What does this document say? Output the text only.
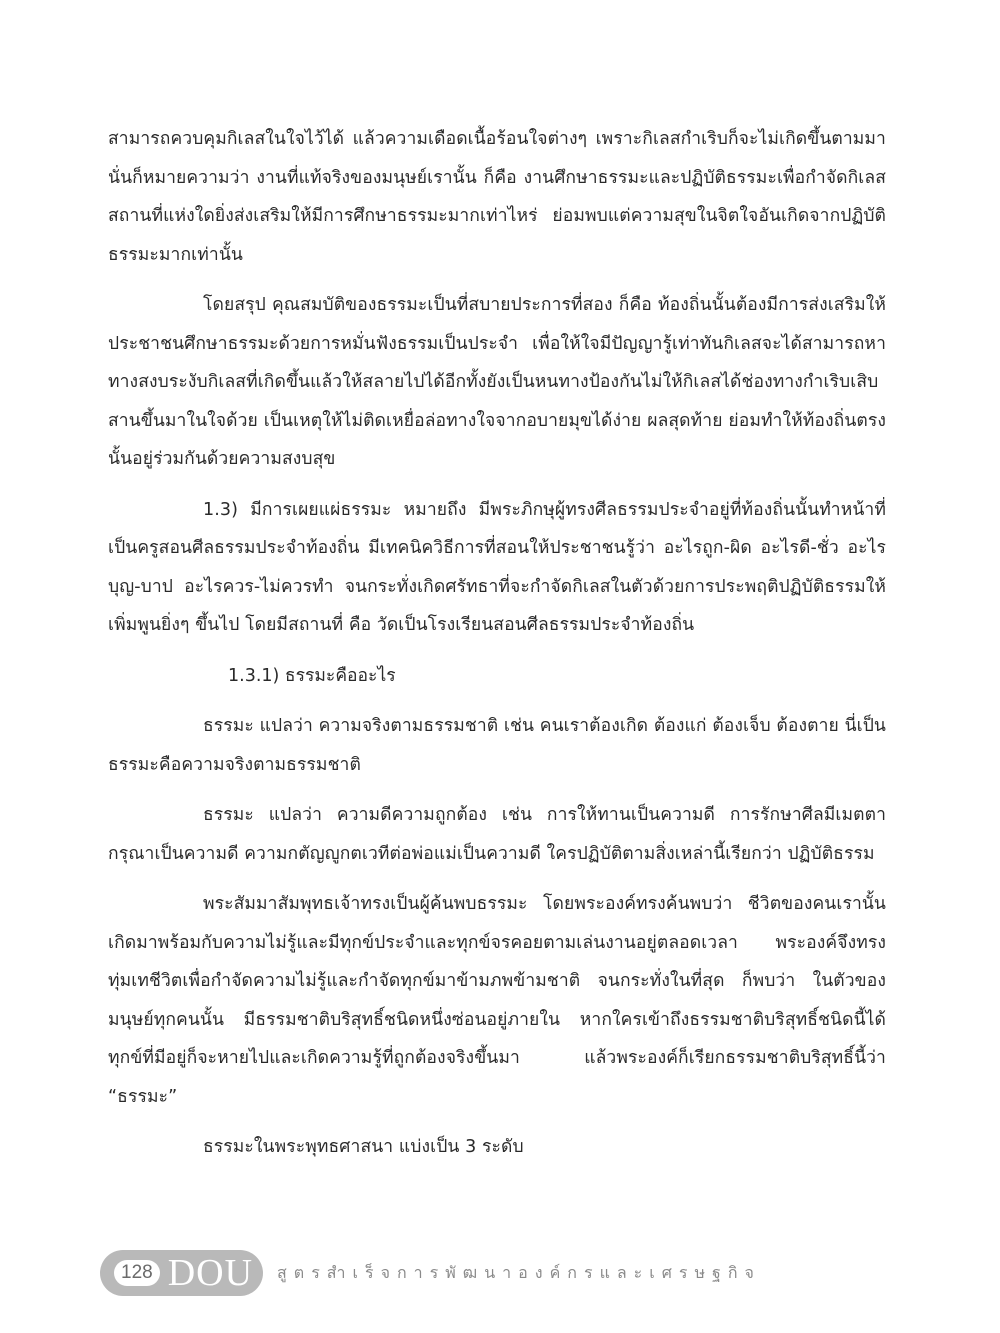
สามารถควบคุมกิเลสในใจไว้ได้ แล้วความเดือดเนื้อร้อนใจต่างๆ เพราะกิเลสกำเริบก็จะไม่เกิดขึ้นตามมา นั่นก็หมายความว่า งานที่แท้จริงของมนุษย์เรานั้น ก็คือ งานศึกษาธรรมะและปฏิบัติธรรมะเพื่อกำจัดกิเลส สถานที่แห่งใดยิ่งส่งเสริมให้มีการศึกษาธรรมะมากเท่าไหร่ ย่อมพบแต่ความสุขในจิตใจอันเกิดจากปฏิบัติธรรมะมากเท่านั้น

โดยสรุป คุณสมบัติของธรรมะเป็นที่สบายประการที่สอง ก็คือ ท้องถิ่นนั้นต้องมีการส่งเสริมให้ประชาชนศึกษาธรรมะด้วยการหมั่นฟังธรรมเป็นประจำ เพื่อให้ใจมีปัญญารู้เท่าทันกิเลสจะได้สามารถหาทางสงบระงับกิเลสที่เกิดขึ้นแล้วให้สลายไปได้อีกทั้งยังเป็นหนทางป้องกันไม่ให้กิเลสได้ช่องทางกำเริบเสิบสานขึ้นมาในใจด้วย เป็นเหตุให้ไม่ติดเหยื่อล่อทางใจจากอบายมุขได้ง่าย ผลสุดท้าย ย่อมทำให้ท้องถิ่นตรงนั้นอยู่ร่วมกันด้วยความสงบสุข

1.3) มีการเผยแผ่ธรรมะ หมายถึง มีพระภิกษุผู้ทรงศีลธรรมประจำอยู่ที่ท้องถิ่นนั้นทำหน้าที่เป็นครูสอนศีลธรรมประจำท้องถิ่น มีเทคนิควิธีการที่สอนให้ประชาชนรู้ว่า อะไรถูก-ผิด อะไรดี-ชั่ว อะไรบุญ-บาป อะไรควร-ไม่ควรทำ จนกระทั่งเกิดศรัทธาที่จะกำจัดกิเลสในตัวด้วยการประพฤติปฏิบัติธรรมให้เพิ่มพูนยิ่งๆ ขึ้นไป โดยมีสถานที่ คือ วัดเป็นโรงเรียนสอนศีลธรรมประจำท้องถิ่น

1.3.1) ธรรมะคืออะไร

ธรรมะ แปลว่า ความจริงตามธรรมชาติ เช่น คนเราต้องเกิด ต้องแก่ ต้องเจ็บ ต้องตาย นี่เป็นธรรมะคือความจริงตามธรรมชาติ

ธรรมะ แปลว่า ความดีความถูกต้อง เช่น การให้ทานเป็นความดี การรักษาศีลมีเมตตากรุณาเป็นความดี ความกตัญญูกตเวทีต่อพ่อแม่เป็นความดี ใครปฏิบัติตามสิ่งเหล่านี้เรียกว่า ปฏิบัติธรรม

พระสัมมาสัมพุทธเจ้าทรงเป็นผู้ค้นพบธรรมะ โดยพระองค์ทรงค้นพบว่า ชีวิตของคนเรานั้นเกิดมาพร้อมกับความไม่รู้และมีทุกข์ประจำและทุกข์จรคอยตามเล่นงานอยู่ตลอดเวลา พระองค์จึงทรงทุ่มเทชีวิตเพื่อกำจัดความไม่รู้และกำจัดทุกข์มาข้ามภพข้ามชาติ จนกระทั่งในที่สุด ก็พบว่า ในตัวของมนุษย์ทุกคนนั้น มีธรรมชาติบริสุทธิ์ชนิดหนึ่งซ่อนอยู่ภายใน หากใครเข้าถึงธรรมชาติบริสุทธิ์ชนิดนี้ได้ ทุกข์ที่มีอยู่ก็จะหายไปและเกิดความรู้ที่ถูกต้องจริงขึ้นมา แล้วพระองค์ก็เรียกธรรมชาติบริสุทธิ์นี้ว่า “ธรรมะ”

ธรรมะในพระพุทธศาสนา แบ่งเป็น 3 ระดับ

128 DOU สูตรสำเร็จการพัฒนาองค์กรและเศรษฐกิจ
